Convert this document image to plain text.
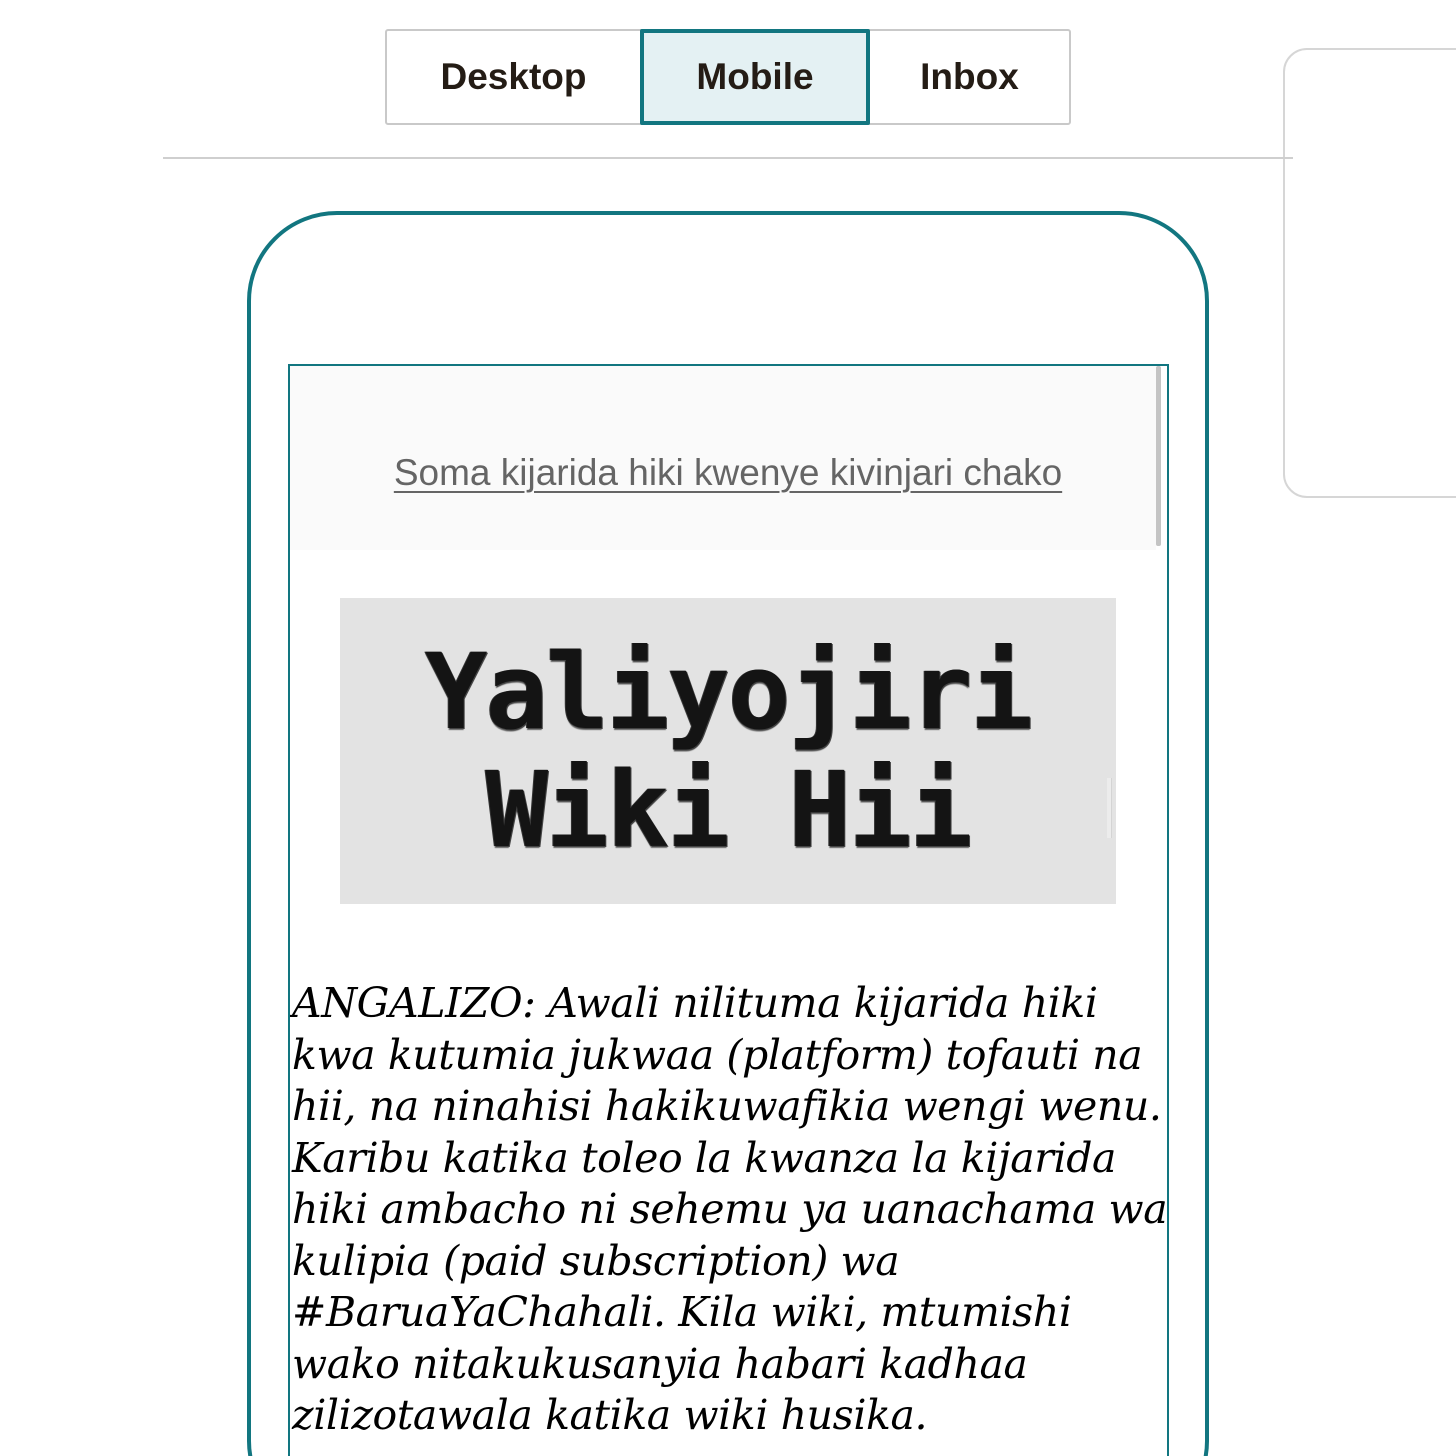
Desktop	Mobile	Inbox
Soma kijarida hiki kwenye kivinjari chako
Yaliyojiri
Wiki Hii

ANGALIZO: Awali nilituma kijarida hiki kwa kutumia jukwaa (platform) tofauti na hii, na ninahisi hakikuwafikia wengi wenu. Karibu katika toleo la kwanza la kijarida hiki ambacho ni sehemu ya uanachama wa kulipia (paid subscription) wa #BaruaYaChahali. Kila wiki, mtumishi wako nitakukusanyia habari kadhaa zilizotawala katika wiki husika.
